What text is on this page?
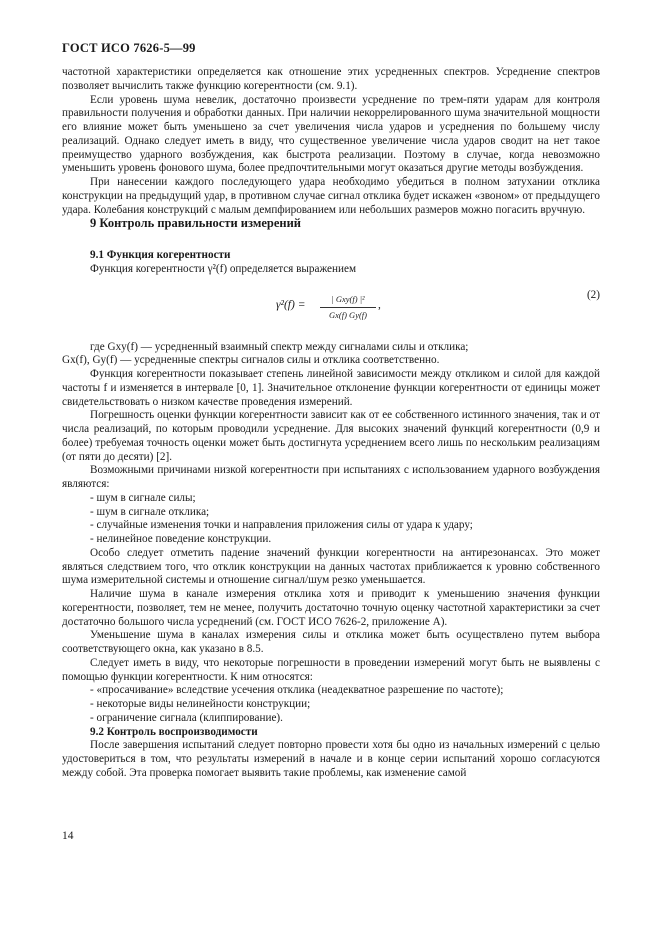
ГОСТ ИСО 7626-5—99

частотной характеристики определяется как отношение этих усредненных спектров. Усреднение спектров позволяет вычислить также функцию когерентности (см. 9.1).

Если уровень шума невелик, достаточно произвести усреднение по трем-пяти ударам для контроля правильности получения и обработки данных. При наличии некоррелированного шума значительной мощности его влияние может быть уменьшено за счет увеличения числа ударов и усреднения по большему числу реализаций. Однако следует иметь в виду, что существенное увеличение числа ударов сводит на нет такое преимущество ударного возбуждения, как быстрота реализации. Поэтому в случае, когда невозможно уменьшить уровень фонового шума, более предпочтительными могут оказаться другие методы возбуждения.

При нанесении каждого последующего удара необходимо убедиться в полном затухании отклика конструкции на предыдущий удар, в противном случае сигнал отклика будет искажен «звоном» от предыдущего удара. Колебания конструкций с малым демпфированием или небольших размеров можно погасить вручную.

9 Контроль правильности измерений

9.1 Функция когерентности

Функция когерентности γ²(f) определяется выражением

γ²(f) =	| Gxy(f) |²
Gx(f) Gy(f)
,
(2)

где Gxy(f) — усредненный взаимный спектр между сигналами силы и отклика;

Gx(f), Gy(f) — усредненные спектры сигналов силы и отклика соответственно.

Функция когерентности показывает степень линейной зависимости между откликом и силой для каждой частоты f и изменяется в интервале [0, 1]. Значительное отклонение функции когерентности от единицы может свидетельствовать о низком качестве проведения измерений.

Погрешность оценки функции когерентности зависит как от ее собственного истинного значения, так и от числа реализаций, по которым проводили усреднение. Для высоких значений функций когерентности (0,9 и более) требуемая точность оценки может быть достигнута усреднением всего лишь по нескольким реализациям (от пяти до десяти) [2].

Возможными причинами низкой когерентности при испытаниях с использованием ударного возбуждения являются:

- шум в сигнале силы;

- шум в сигнале отклика;

- случайные изменения точки и направления приложения силы от удара к удару;

- нелинейное поведение конструкции.

Особо следует отметить падение значений функции когерентности на антирезонансах. Это может являться следствием того, что отклик конструкции на данных частотах приближается к уровню собственного шума измерительной системы и отношение сигнал/шум резко уменьшается.

Наличие шума в канале измерения отклика хотя и приводит к уменьшению значения функции когерентности, позволяет, тем не менее, получить достаточно точную оценку частотной характеристики за счет достаточно большого числа усреднений (см. ГОСТ ИСО 7626-2, приложение А).

Уменьшение шума в каналах измерения силы и отклика может быть осуществлено путем выбора соответствующего окна, как указано в 8.5.

Следует иметь в виду, что некоторые погрешности в проведении измерений могут быть не выявлены с помощью функции когерентности. К ним относятся:

- «просачивание» вследствие усечения отклика (неадекватное разрешение по частоте);

- некоторые виды нелинейности конструкции;

- ограничение сигнала (клиппирование).

9.2 Контроль воспроизводимости

После завершения испытаний следует повторно провести хотя бы одно из начальных измерений с целью удостовериться в том, что результаты измерений в начале и в конце серии испытаний хорошо согласуются между собой. Эта проверка помогает выявить такие проблемы, как изменение самой

14
